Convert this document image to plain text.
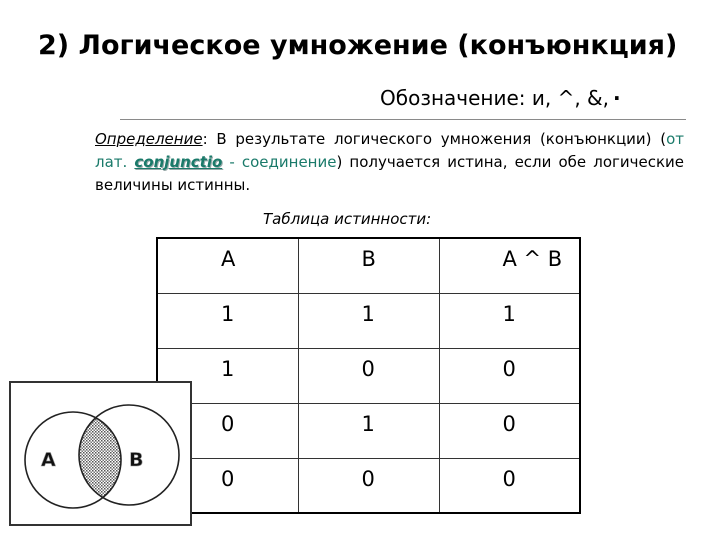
2) Логическое умножение (конъюнкция)
Обозначение: и, ^, &, ·
Определение: В результате логического умножения (конъюнкции) (от лат. conjunctio - соединение) получается истина, если обе логические величины истинны.
Таблица истинности:
A	B	A ^ B
1	1	1
1	0	0
0	1	0
0	0	0
A	B
